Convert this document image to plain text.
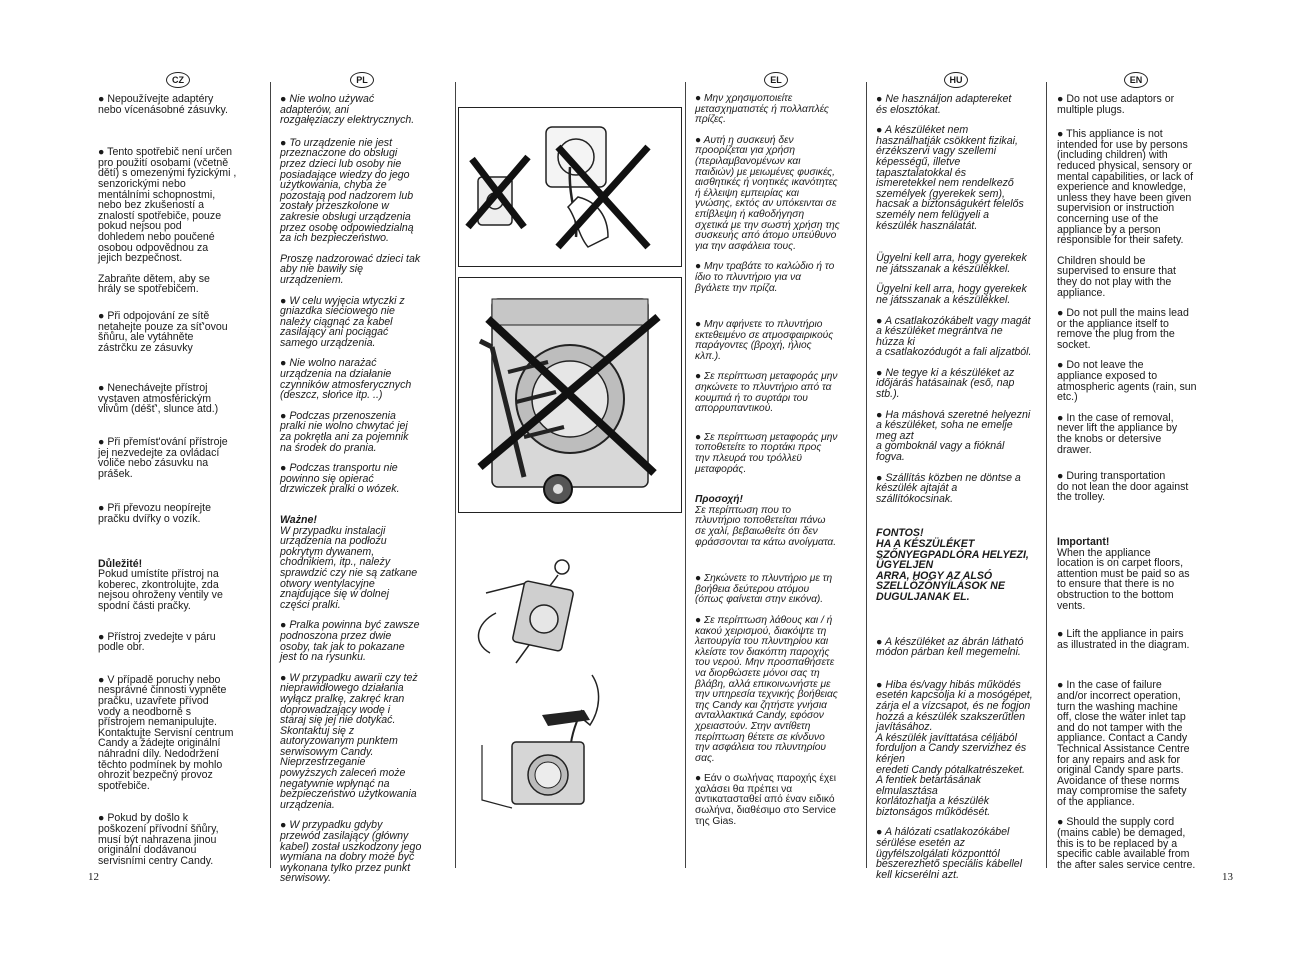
CZ	PL	EL	HU	EN

● Nepoužívejte adaptéry
nebo vícenásobné zásuvky.

● Tento spotřebič není určen
pro použití osobami (včetně
dětí) s omezenými fyzickými ,
senzorickými nebo
mentálními schopnostmi,
nebo bez zkušeností a
znalostí spotřebiče, pouze
pokud nejsou pod
dohledem nebo poučené
osobou odpovědnou za
jejich bezpečnost.

Zabraňte dětem, aby se
hrály se spotřebičem.

● Při odpojování ze sítě
netahejte pouze za síť'ovou
šňůru, ale vytáhněte
zástrčku ze zásuvky

● Nenechávejte přístroj
vystaven atmosférickým
vlivům (déšť', slunce atd.)

● Při přemíst'ování přístroje
jej nezvedejte za ovládací
voliče nebo zásuvku na
prášek.

● Při převozu neopírejte
pračku dvířky o vozík.

Důležité!
Pokud umístíte přístroj na
koberec, zkontrolujte, zda
nejsou ohroženy ventily ve
spodní části pračky.

● Přístroj zvedejte v páru
podle obr.

● V případě poruchy nebo
nesprávné činnosti vypněte
pračku, uzavřete přívod
vody a neodborně s
přístrojem nemanipulujte.
Kontaktujte Servisní centrum
Candy a žádejte originální
náhradní díly. Nedodržení
těchto podmínek by mohlo
ohrozit bezpečný provoz
spotřebiče.

● Pokud by došlo k
poškození přívodní šňůry,
musí být nahrazena jinou
originální dodávanou
servisními centry Candy.

● Nie wolno używać
adapterów, ani
rozgałęziaczy elektrycznych.

● To urządzenie nie jest
przeznaczone do obsługi
przez dzieci lub osoby nie
posiadające wiedzy do jego
użytkowania, chyba że
pozostają pod nadzorem lub
zostały przeszkolone w
zakresie obsługi urządzenia
przez osobę odpowiedzialną
za ich bezpieczeństwo.

Proszę nadzorować dzieci tak
aby nie bawiły się
urządzeniem.

● W celu wyjęcia wtyczki z
gniazdka sieciowego nie
należy ciągnąć za kabel
zasilający ani pociągać
samego urządzenia.

● Nie wolno narażać
urządzenia na działanie
czynników atmosferycznych
(deszcz, słońce itp. ..)

● Podczas przenoszenia
pralki nie wolno chwytać jej
za pokrętła ani za pojemnik
na środek do prania.

● Podczas transportu nie
powinno się opierać
drzwiczek pralki o wózek.

Ważne!
W przypadku instalacji
urządzenia na podłożu
pokrytym dywanem,
chodnikiem, itp., należy
sprawdzić czy nie są zatkane
otwory wentylacyjne
znajdujące się w dolnej
części pralki.

● Pralka powinna być zawsze
podnoszona przez dwie
osoby, tak jak to pokazane
jest to na rysunku.

● W przypadku awarii czy też
nieprawidłowego działania
wyłącz pralkę, zakręć kran
doprowadzający wodę i
staraj się jej nie dotykać.
Skontaktuj się z
autoryzowanym punktem
serwisowym Candy.
Nieprzestrzeganie
powyższych zaleceń może
negatywnie wpłynąć na
bezpieczeństwo użytkowania
urządzenia.

● W przypadku gdyby
przewód zasilający (główny
kabel) został uszkodzony jego
wymiana na dobry może być
wykonana tylko przez punkt
serwisowy.

● Μην χρησιμοποιείτε
μετασχηματιστές ή πολλαπλές
πρίζες.

● Αυτή η συσκευή δεν
προορίζεται για χρήση
(περιλαμβανομένων και
παιδιών) με μειωμένες φυσικές,
αισθητικές ή νοητικές ικανότητες
ή έλλειψη εμπειρίας και
γνώσης, εκτός αν υπόκεινται σε
επίβλεψη ή καθοδήγηση
σχετικά με την σωστή χρήση της
συσκευής από άτομο υπεύθυνο
για την ασφάλεια τους.

● Μην τραβάτε το καλώδιο ή το
ίδιο το πλυντήριο για να
βγάλετε την πρίζα.

● Μην αφήνετε το πλυντήριο
εκτεθειμένο σε ατμοσφαιρικούς
παράγοντες (βροχή, ήλιος
κλπ.).

● Σε περίπτωση μεταφοράς μην
σηκώνετε το πλυντήριο από τα
κουμπιά ή το συρτάρι του
απορρυπαντικού.

● Σε περίπτωση μεταφοράς μην
τοποθετείτε το πορτάκι προς
την πλευρά του τρόλλεϋ
μεταφοράς.

Προσοχή!
Σε περίπτωση που το
πλυντήριο τοποθετείται πάνω
σε χαλί, βεβαιωθείτε ότι δεν
φράσσονται τα κάτω ανοίγματα.

● Σηκώνετε το πλυντήριο με τη
βοήθεια δεύτερου ατόμου
(όπως φαίνεται στην εικόνα).

● Σε περίπτωση λάθους και / ή
κακού χειρισμού, διακόψτε τη
λειτουργία του πλυντηρίου και
κλείστε τον διακόπτη παροχής
του νερού. Μην προσπαθήσετε
να διορθώσετε μόνοι σας τη
βλάβη, αλλά επικοινωνήστε με
την υπηρεσία τεχνικής βοήθειας
της Candy και ζητήστε γνήσια
ανταλλακτικά Candy, εφόσον
χρειαστούν. Στην αντίθετη
περίπτωση θέτετε σε κίνδυνο
την ασφάλεια του πλυντηρίου
σας.

● Εάν ο σωλήνας παροχής έχει
χαλάσει θα πρέπει να
αντικατασταθεί από έναν ειδικό
σωλήνα, διαθέσιμο στο Service
της Gias.

● Ne használjon adaptereket
és elosztókat.

● A készüléket nem
használhatják csökkent fizikai,
érzékszervi vagy szellemi
képességű, illetve
tapasztalatokkal és
ismeretekkel nem rendelkező
személyek (gyerekek sem),
hacsak a biztonságukért felelős
személy nem felügyeli a
készülék használatát.

Ügyelni kell arra, hogy gyerekek
ne játsszanak a készülékkel.

Ügyelni kell arra, hogy gyerekek
ne játsszanak a készülékkel.

● A csatlakozókábelt vagy magát
a készüléket megrántva ne
húzza ki
a csatlakozódugót a fali aljzatból.

● Ne tegye ki a készüléket az
időjárás hatásainak (eső, nap
stb.).

● Ha máshová szeretné helyezni
a készüléket, soha ne emelje
meg azt
a gomboknál vagy a fióknál
fogva.

● Szállítás közben ne döntse a
készülék ajtaját a
szállítókocsinak.

FONTOS!
HA A KÉSZÜLÉKET
SZŐNYEGPADLÓRA HELYEZI,
ÜGYELJEN
ARRA, HOGY AZ ALSÓ
SZELLŐZŐNYÍLÁSOK NE
DUGULJANAK EL.

● A készüléket az ábrán látható
módon párban kell megemelni.

● Hiba és/vagy hibás működés
esetén kapcsolja ki a mosógépet,
zárja el a vízcsapot, és ne fogjon
hozzá a készülék szakszerűtlen
javításához.
A készülék javíttatása céljából
forduljon a Candy szervizhez és
kérjen
eredeti Candy pótalkatrészeket.
A fentiek betartásának
elmulasztása
korlátozhatja a készülék
biztonságos működését.

● A hálózati csatlakozókábel
sérülése esetén az
ügyfélszolgálati központtól
beszerezhető speciális kábellel
kell kicserélni azt.

● Do not use adaptors or
multiple plugs.

● This appliance is not
intended for use by persons
(including children) with
reduced physical, sensory or
mental capabilities, or lack of
experience and knowledge,
unless they have been given
supervision or instruction
concerning use of the
appliance by a person
responsible for their safety.

Children should be
supervised to ensure that
they do not play with the
appliance.

● Do not pull the mains lead
or the appliance itself to
remove the plug from the
socket.

● Do not leave the
appliance exposed to
atmospheric agents (rain, sun
etc.)

● In the case of removal,
never lift the appliance by
the knobs or detersive
drawer.

● During transportation
do not lean the door against
the trolley.

Important!
When the appliance
location is on carpet floors,
attention must be paid so as
to ensure that there is no
obstruction to the bottom
vents.

● Lift the appliance in pairs
as illustrated in the diagram.

● In the case of failure
and/or incorrect operation,
turn the washing machine
off, close the water inlet tap
and do not tamper with the
appliance. Contact a Candy
Technical Assistance Centre
for any repairs and ask for
original Candy spare parts.
Avoidance of these norms
may compromise the safety
of the appliance.

● Should the supply cord
(mains cable) be demaged,
this is to be replaced by a
specific cable available from
the after sales service centre.

12	13
